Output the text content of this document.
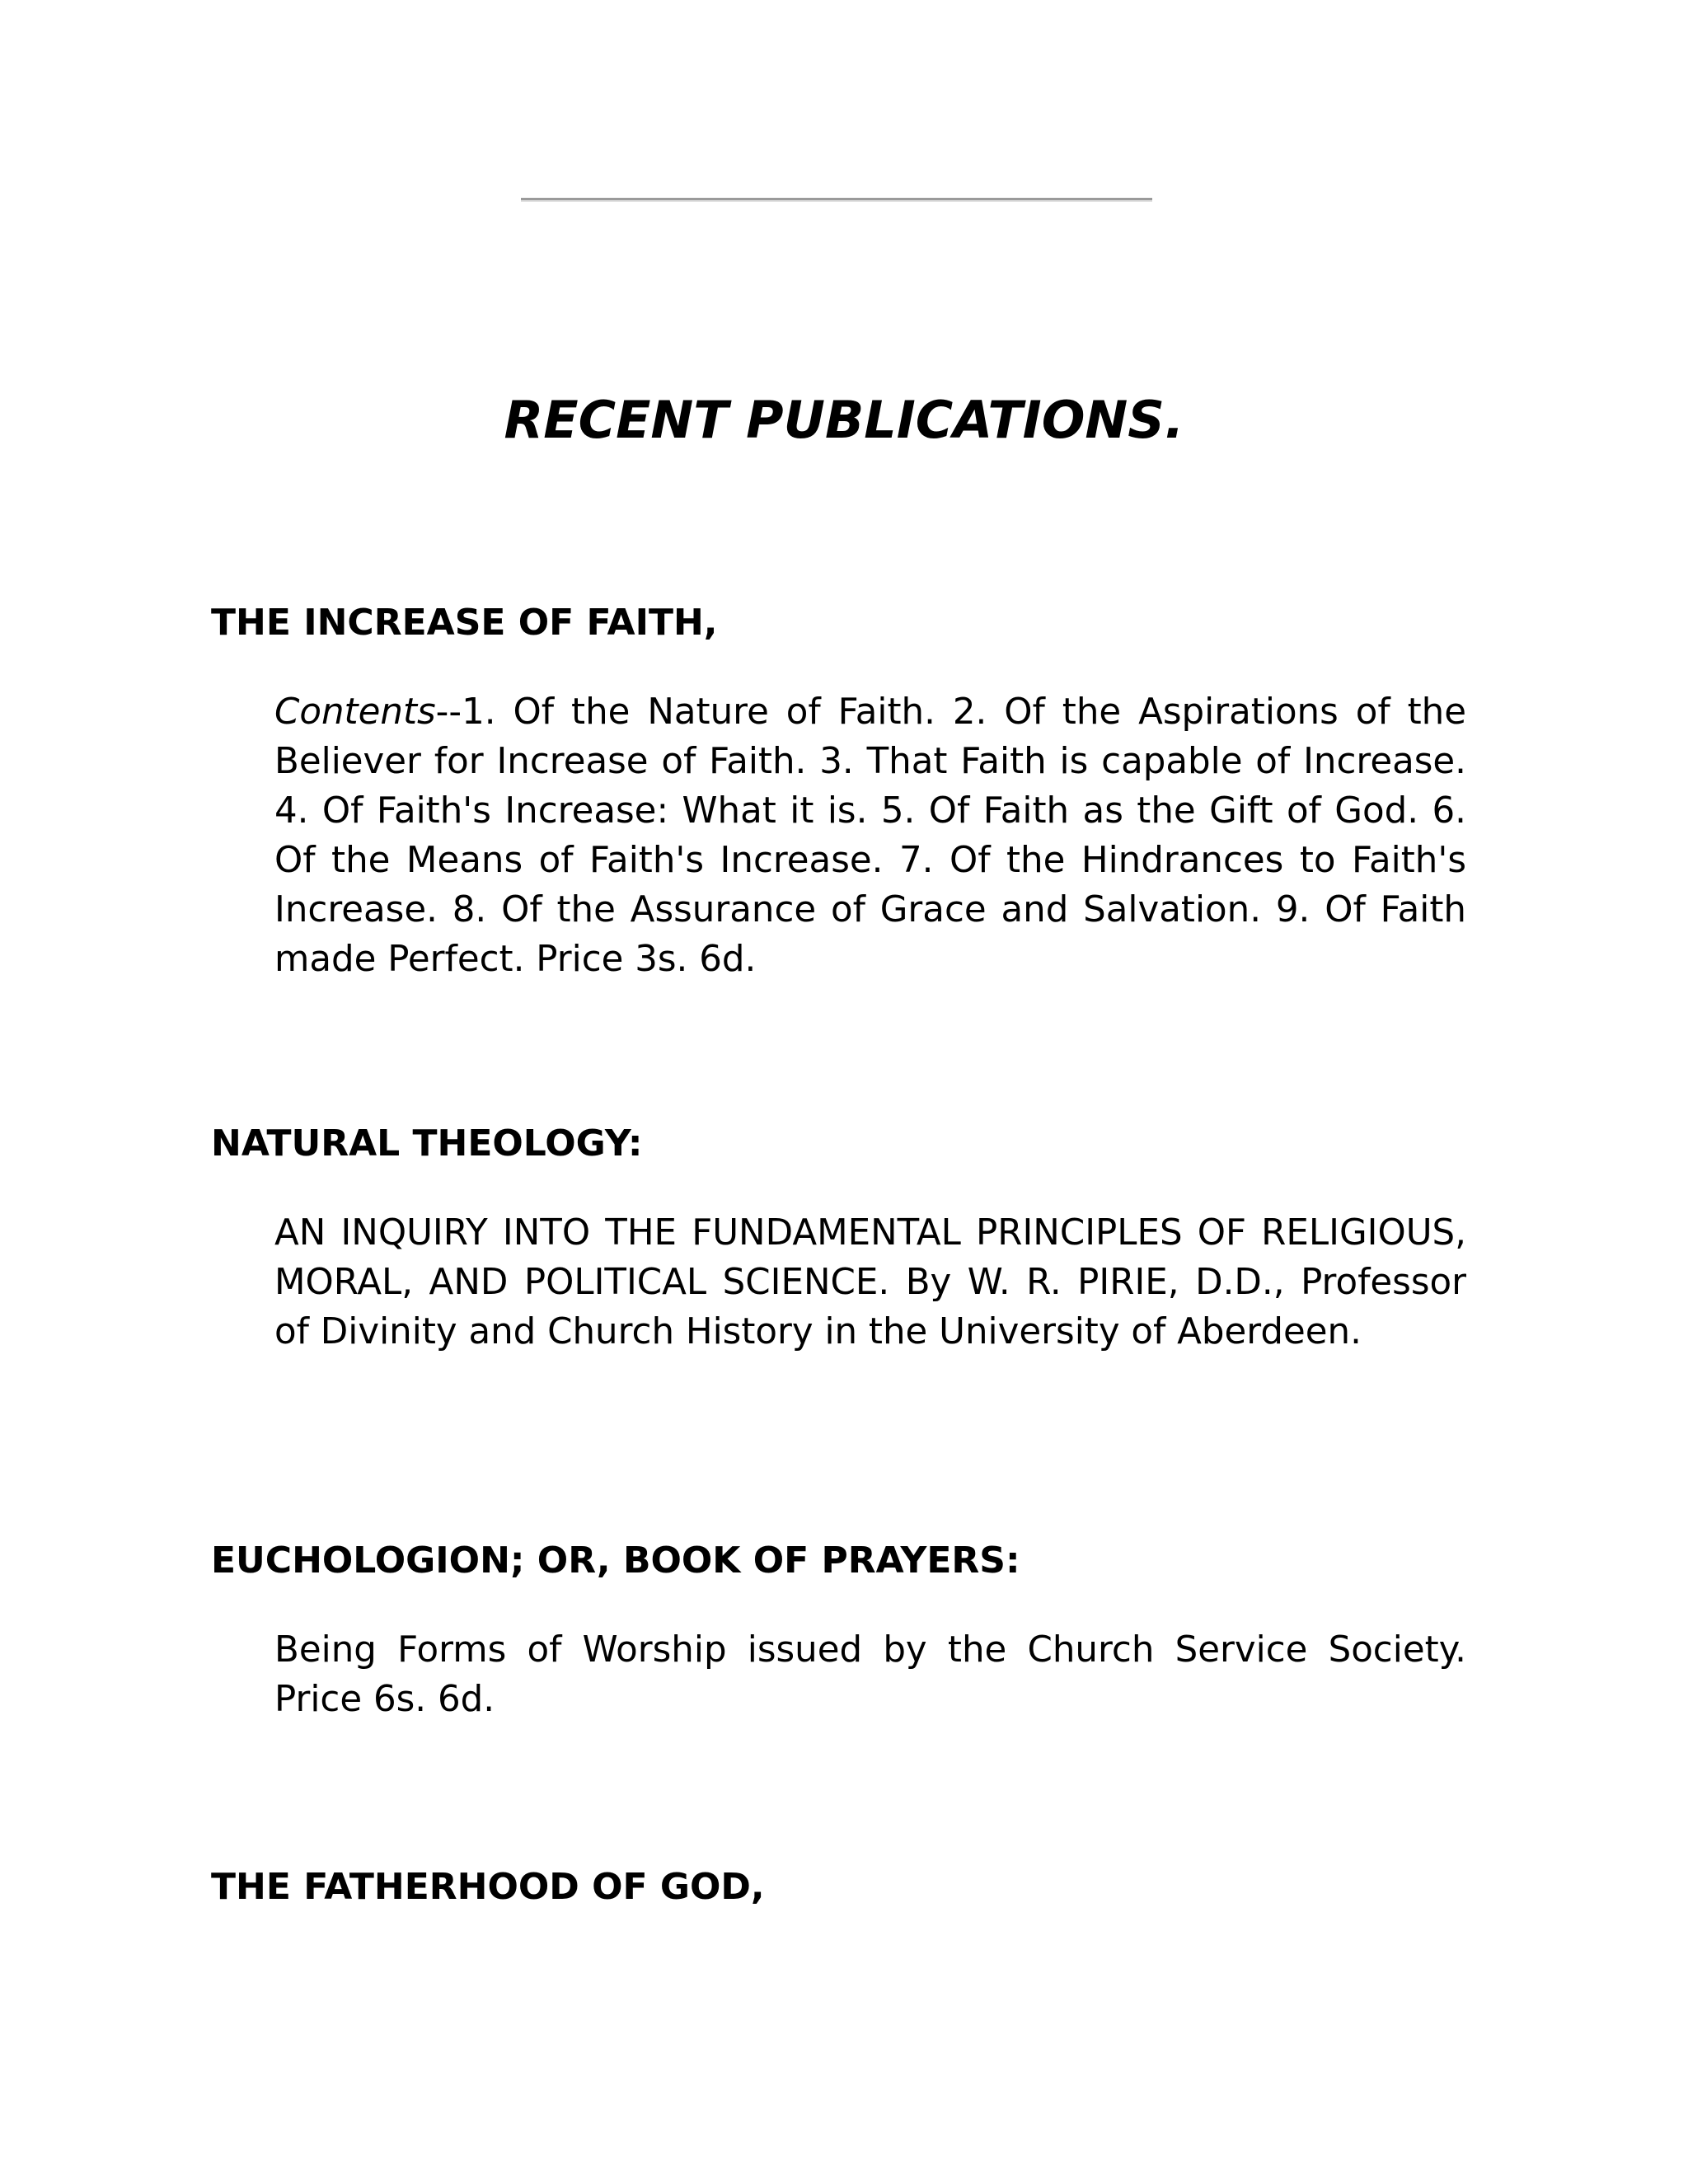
RECENT PUBLICATIONS.
THE INCREASE OF FAITH,

Contents--1. Of the Nature of Faith. 2. Of the Aspirations of the Believer for Increase of Faith. 3. That Faith is capable of Increase. 4. Of Faith's Increase: What it is. 5. Of Faith as the Gift of God. 6. Of the Means of Faith's Increase. 7. Of the Hindrances to Faith's Increase. 8. Of the Assurance of Grace and Salvation. 9. Of Faith made Perfect. Price 3s. 6d.

NATURAL THEOLOGY:

AN INQUIRY INTO THE FUNDAMENTAL PRINCIPLES OF RELIGIOUS, MORAL, AND POLITICAL SCIENCE. By W. R. PIRIE, D.D., Professor of Divinity and Church History in the University of Aberdeen.

EUCHOLOGION; OR, BOOK OF PRAYERS:

Being Forms of Worship issued by the Church Service Society. Price 6s. 6d.

THE FATHERHOOD OF GOD,
